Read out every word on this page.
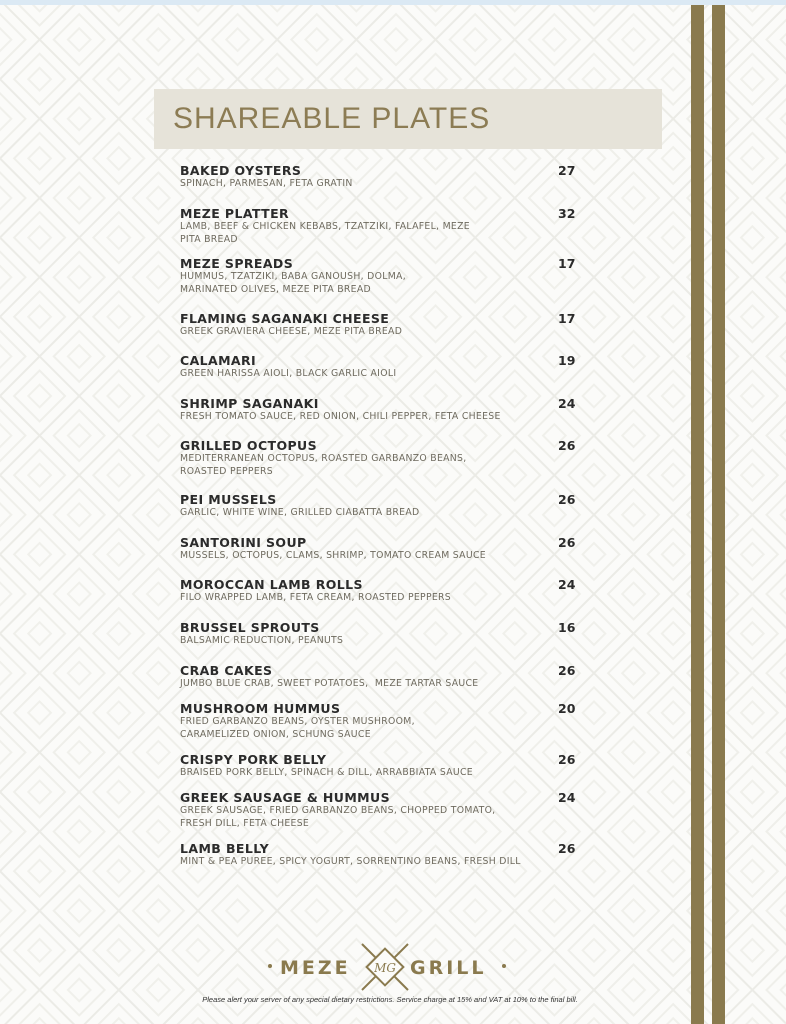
SHAREABLE PLATES
BAKED OYSTERS
SPINACH, PARMESAN, FETA GRATIN
27
MEZE PLATTER
LAMB, BEEF & CHICKEN KEBABS, TZATZIKI, FALAFEL, MEZE PITA BREAD
32
MEZE SPREADS
HUMMUS, TZATZIKI, BABA GANOUSH, DOLMA, MARINATED OLIVES, MEZE PITA BREAD
17
FLAMING SAGANAKI CHEESE
GREEK GRAVIERA CHEESE, MEZE PITA BREAD
17
CALAMARI
GREEN HARISSA AIOLI, BLACK GARLIC AIOLI
19
SHRIMP SAGANAKI
FRESH TOMATO SAUCE, RED ONION, CHILI PEPPER, FETA CHEESE
24
GRILLED OCTOPUS
MEDITERRANEAN OCTOPUS, ROASTED GARBANZO BEANS, ROASTED PEPPERS
26
PEI MUSSELS
GARLIC, WHITE WINE, GRILLED CIABATTA BREAD
26
SANTORINI SOUP
MUSSELS, OCTOPUS, CLAMS, SHRIMP, TOMATO CREAM SAUCE
26
MOROCCAN LAMB ROLLS
FILO WRAPPED LAMB, FETA CREAM, ROASTED PEPPERS
24
BRUSSEL SPROUTS
BALSAMIC REDUCTION, PEANUTS
16
CRAB CAKES
JUMBO BLUE CRAB, SWEET POTATOES,  MEZE TARTAR SAUCE
26
MUSHROOM HUMMUS
FRIED GARBANZO BEANS, OYSTER MUSHROOM, CARAMELIZED ONION, SCHUNG SAUCE
20
CRISPY PORK BELLY
BRAISED PORK BELLY, SPINACH & DILL, ARRABBIATA SAUCE
26
GREEK SAUSAGE & HUMMUS
GREEK SAUSAGE, FRIED GARBANZO BEANS, CHOPPED TOMATO, FRESH DILL, FETA CHEESE
24
LAMB BELLY
MINT & PEA PUREE, SPICY YOGURT, SORRENTINO BEANS, FRESH DILL
26
MEZE MG GRILL
Please alert your server of any special dietary restrictions. Service charge at 15% and VAT at 10% to the final bill.
